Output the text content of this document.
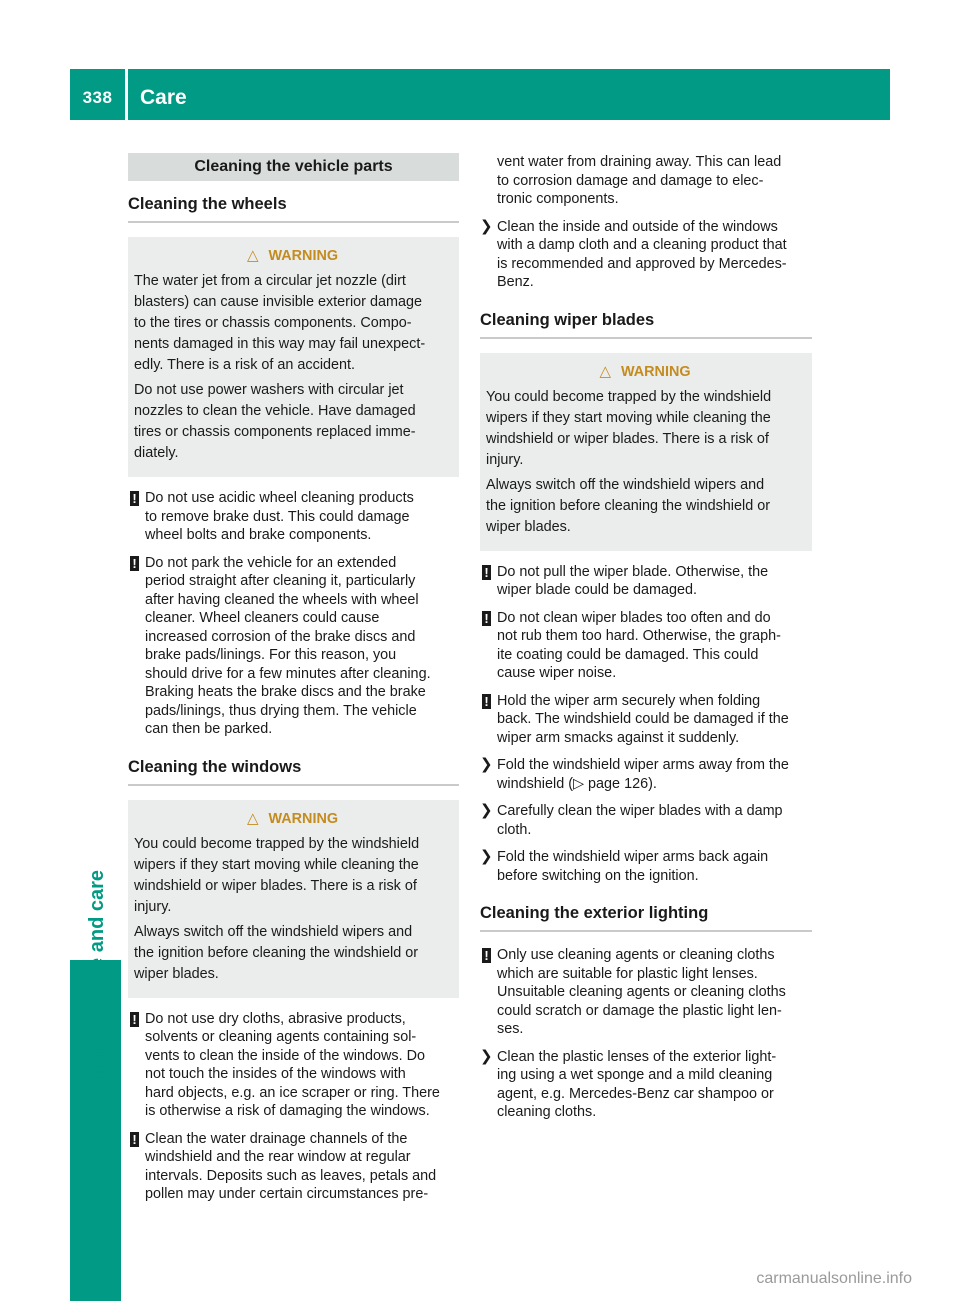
338	Care
Maintenance and care
Cleaning the vehicle parts
Cleaning the wheels
△ WARNING

The water jet from a circular jet nozzle (dirt
blasters) can cause invisible exterior damage
to the tires or chassis components. Compo-
nents damaged in this way may fail unexpect-
edly. There is a risk of an accident.

Do not use power washers with circular jet
nozzles to clean the vehicle. Have damaged
tires or chassis components replaced imme-
diately.

! Do not use acidic wheel cleaning products
to remove brake dust. This could damage
wheel bolts and brake components.
! Do not park the vehicle for an extended
period straight after cleaning it, particularly
after having cleaned the wheels with wheel
cleaner. Wheel cleaners could cause
increased corrosion of the brake discs and
brake pads/linings. For this reason, you
should drive for a few minutes after cleaning.
Braking heats the brake discs and the brake
pads/linings, thus drying them. The vehicle
can then be parked.
Cleaning the windows
△ WARNING

You could become trapped by the windshield
wipers if they start moving while cleaning the
windshield or wiper blades. There is a risk of
injury.

Always switch off the windshield wipers and
the ignition before cleaning the windshield or
wiper blades.

! Do not use dry cloths, abrasive products,
solvents or cleaning agents containing sol-
vents to clean the inside of the windows. Do
not touch the insides of the windows with
hard objects, e.g. an ice scraper or ring. There
is otherwise a risk of damaging the windows.
! Clean the water drainage channels of the
windshield and the rear window at regular
intervals. Deposits such as leaves, petals and
pollen may under certain circumstances pre-
vent water from draining away. This can lead
to corrosion damage and damage to elec-
tronic components.
❯ Clean the inside and outside of the windows
with a damp cloth and a cleaning product that
is recommended and approved by Mercedes-
Benz.
Cleaning wiper blades
△ WARNING

You could become trapped by the windshield
wipers if they start moving while cleaning the
windshield or wiper blades. There is a risk of
injury.

Always switch off the windshield wipers and
the ignition before cleaning the windshield or
wiper blades.

! Do not pull the wiper blade. Otherwise, the
wiper blade could be damaged.
! Do not clean wiper blades too often and do
not rub them too hard. Otherwise, the graph-
ite coating could be damaged. This could
cause wiper noise.
! Hold the wiper arm securely when folding
back. The windshield could be damaged if the
wiper arm smacks against it suddenly.
❯ Fold the windshield wiper arms away from the
windshield (▷ page 126).
❯ Carefully clean the wiper blades with a damp
cloth.
❯ Fold the windshield wiper arms back again
before switching on the ignition.
Cleaning the exterior lighting
! Only use cleaning agents or cleaning cloths
which are suitable for plastic light lenses.
Unsuitable cleaning agents or cleaning cloths
could scratch or damage the plastic light len-
ses.
❯ Clean the plastic lenses of the exterior light-
ing using a wet sponge and a mild cleaning
agent, e.g. Mercedes-Benz car shampoo or
cleaning cloths.
carmanualsonline.info
